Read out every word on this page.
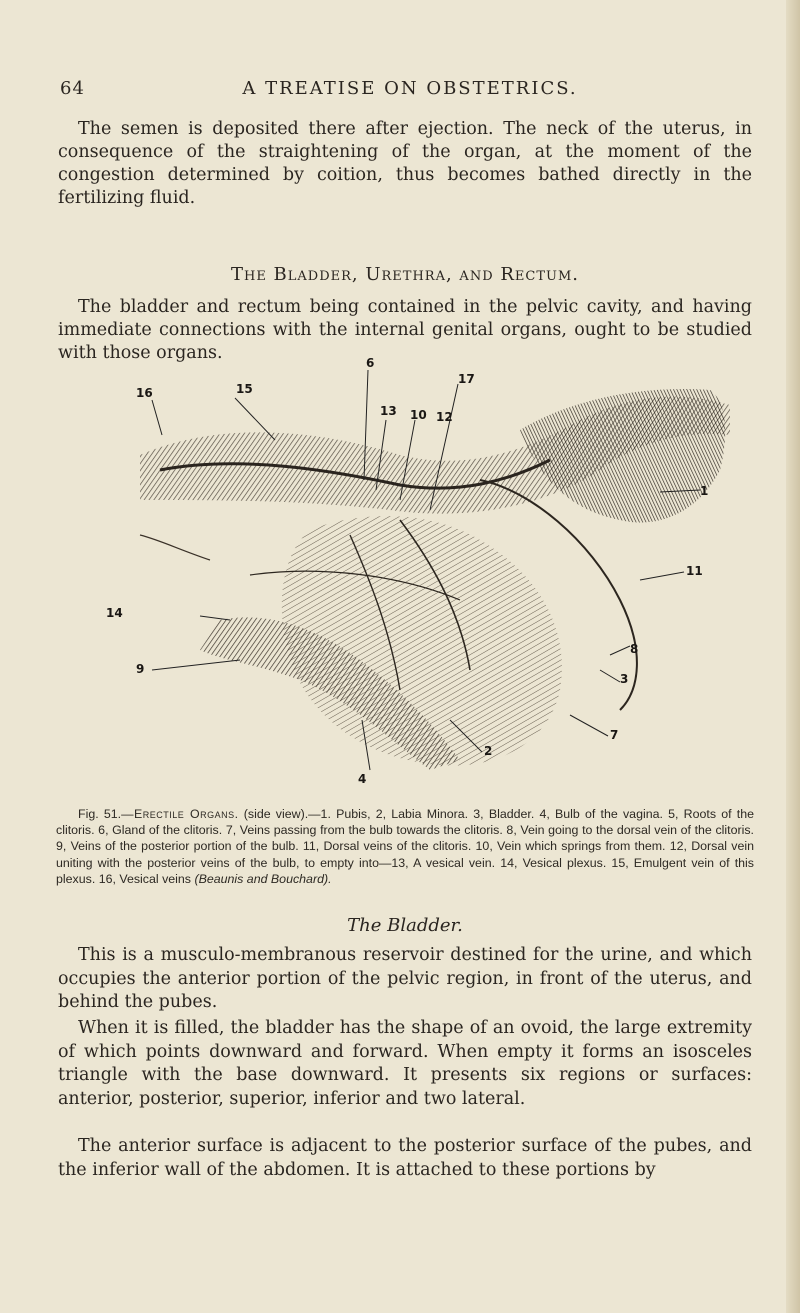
64	A TREATISE ON OBSTETRICS.

The semen is deposited there after ejection. The neck of the uterus, in consequence of the straightening of the organ, at the moment of the congestion determined by coition, thus becomes bathed directly in the fertilizing fluid.

The Bladder, Urethra, and Rectum.

The bladder and rectum being contained in the pelvic cavity, and having immediate connections with the internal genital organs, ought to be studied with those organs.

16	15
6
13 10 12
17
14
9
8
1
11
3
7
2
4

Fig. 51.—Erectile Organs. (side view).—1. Pubis, 2, Labia Minora. 3, Bladder. 4, Bulb of the vagina. 5, Roots of the clitoris. 6, Gland of the clitoris. 7, Veins passing from the bulb towards the clitoris. 8, Vein going to the dorsal vein of the clitoris. 9, Veins of the posterior portion of the bulb. 11, Dorsal veins of the clitoris. 10, Vein which springs from them. 12, Dorsal vein uniting with the posterior veins of the bulb, to empty into—13, A vesical vein. 14, Vesical plexus. 15, Emulgent vein of this plexus. 16, Vesical veins (Beaunis and Bouchard).

The Bladder.

This is a musculo-membranous reservoir destined for the urine, and which occupies the anterior portion of the pelvic region, in front of the uterus, and behind the pubes.

When it is filled, the bladder has the shape of an ovoid, the large extremity of which points downward and forward. When empty it forms an isosceles triangle with the base downward. It presents six regions or surfaces: anterior, posterior, superior, inferior and two lateral.

The anterior surface is adjacent to the posterior surface of the pubes, and the inferior wall of the abdomen. It is attached to these portions by
